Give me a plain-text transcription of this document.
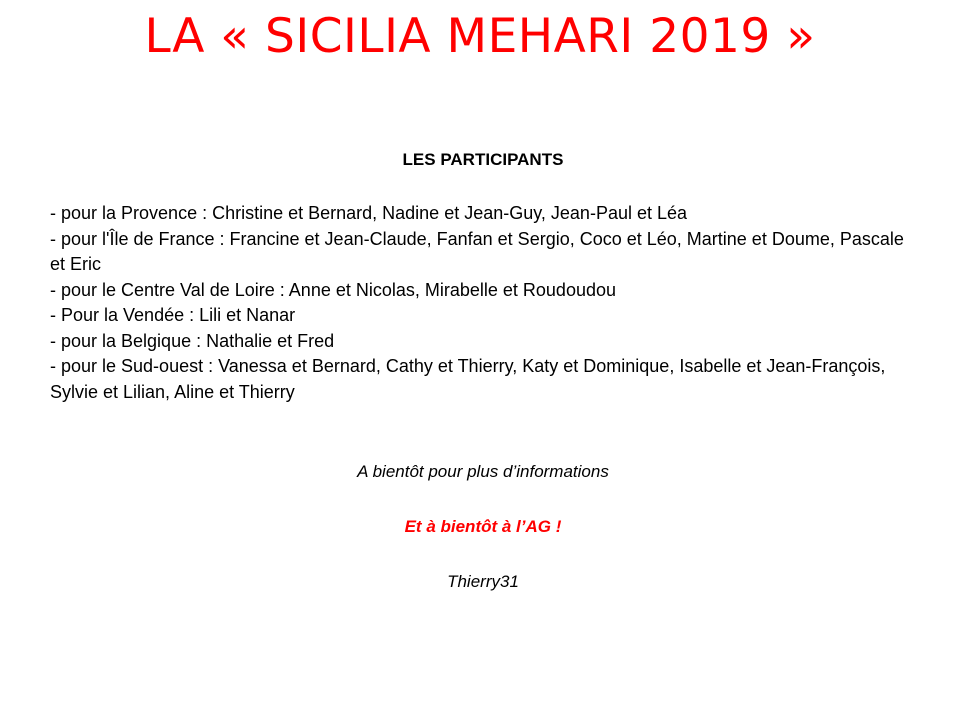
LA « SICILIA MEHARI 2019 »
LES PARTICIPANTS
- pour la Provence : Christine et Bernard, Nadine et Jean-Guy, Jean-Paul et Léa
- pour l'Île de France : Francine et Jean-Claude, Fanfan et Sergio, Coco et Léo, Martine et Doume, Pascale et Eric
- pour le Centre Val de Loire : Anne et Nicolas, Mirabelle et Roudoudou
- Pour la Vendée : Lili et Nanar
- pour la Belgique : Nathalie et Fred
- pour le Sud-ouest : Vanessa et Bernard, Cathy et Thierry, Katy et Dominique, Isabelle et Jean-François, Sylvie et Lilian, Aline et Thierry
A bientôt pour plus d’informations
Et à bientôt à l’AG !
Thierry31
